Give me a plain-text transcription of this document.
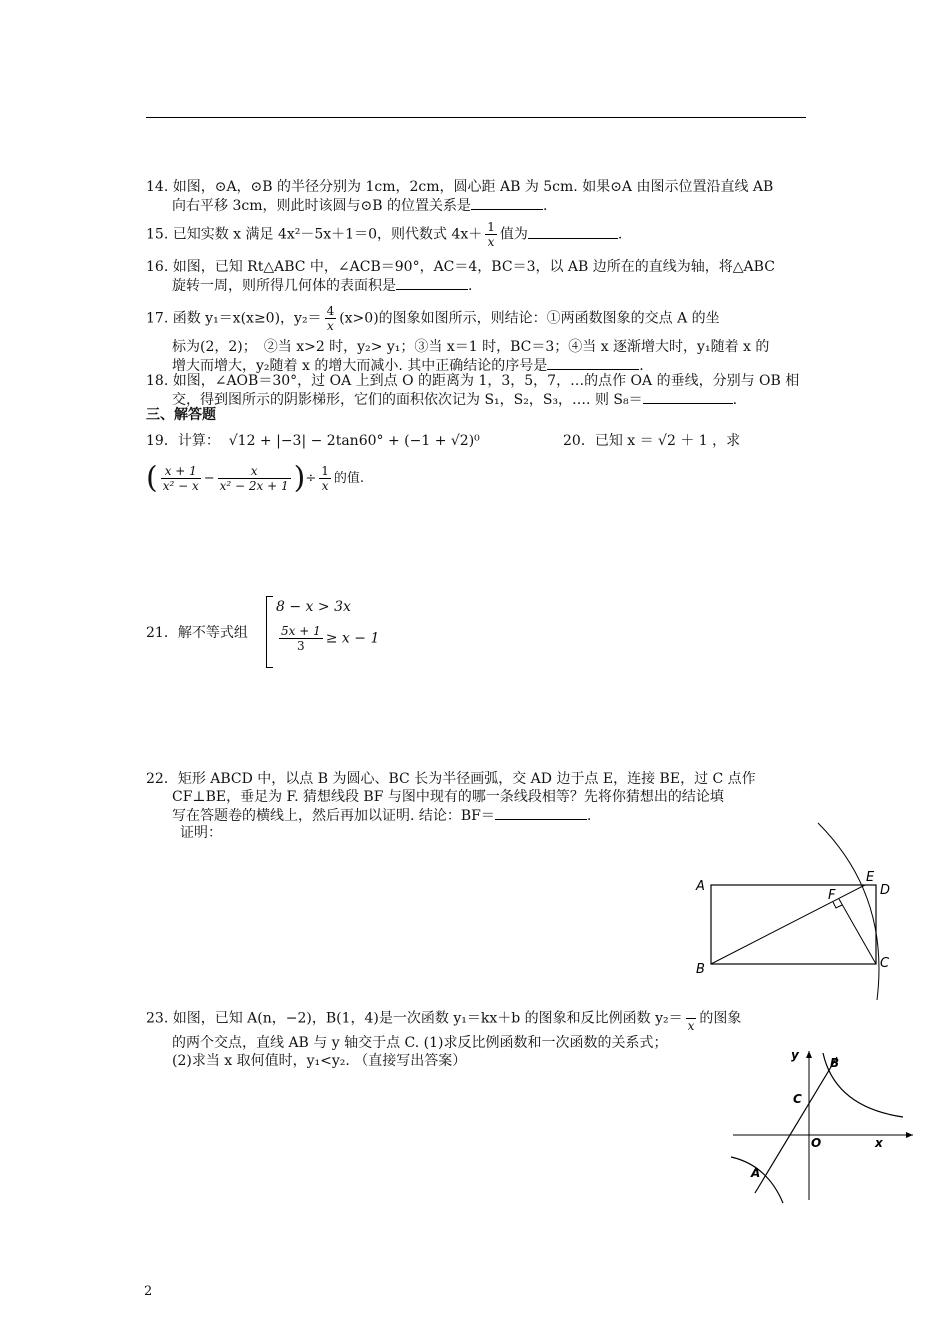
14. 如图，⊙A，⊙B 的半径分别为 1cm，2cm，圆心距 AB 为 5cm. 如果⊙A 由图示位置沿直线 AB
向右平移 3cm，则此时该圆与⊙B 的位置关系是	.
15. 已知实数 x 满足 4x²－5x＋1＝0，则代数式 $4x+ \frac{1}{x}$ 值为	.
16. 如图，已知 Rt△ABC 中，∠ACB＝90°，AC＝4，BC＝3，以 AB 边所在的直线为轴，将△ABC
旋转一周，则所得几何体的表面积是	.
17. 函数 y₁＝x(x≥0)，$y_2= \frac{4}{x} (x>0)$的图象如图所示，则结论：①两函数图象的交点 A 的坐
标为(2，2)；　②当 x>2 时，y₂> y₁；③当 x＝1 时，BC＝3；④当 x 逐渐增大时，y₁随着 x 的
增大而增大，y₂随着 x 的增大而减小. 其中正确结论的序号是	.
18. 如图，∠AOB＝30°，过 OA 上到点 O 的距离为 1，3，5，7，…的点作 OA 的垂线，分别与 OB 相
交，得到图所示的阴影梯形，它们的面积依次记为 S₁，S₂，S₃，…. 则 S₈＝	.
三、解答题
19．计算： √12 + |−3| − 2tan60° + (−1 + √2)⁰	20．已知 x ＝ √2 ＋ 1 ，求
( $\frac{x + 1}{\text{x² − x}} - \frac{x}{\text{x² − 2x + 1}}$ )÷ $\frac{1}{x}$ 的值.
21．解不等式组
8 − x > 3x
$\frac{5x + 1}{3} \ge x - 1$
22．矩形 ABCD 中，以点 B 为圆心、BC 长为半径画弧，交 AD 边于点 E，连接 BE，过 C 点作
CF⊥BE，垂足为 F. 猜想线段 BF 与图中现有的哪一条线段相等？先将你猜想出的结论填
写在答题卷的横线上，然后再加以证明. 结论：BF＝	.
证明：
A
B	C
D
E
F
23. 如图，已知 A(n，−2)，B(1，4)是一次函数 y₁＝kx＋b 的图象和反比例函数 y₂＝
x 的图象
的两个交点，直线 AB 与 y 轴交于点 C. (1)求反比例函数和一次函数的关系式；
(2)求当 x 取何值时，y₁<y₂. （直接写出答案）	y
x
O
B
C
A
2
